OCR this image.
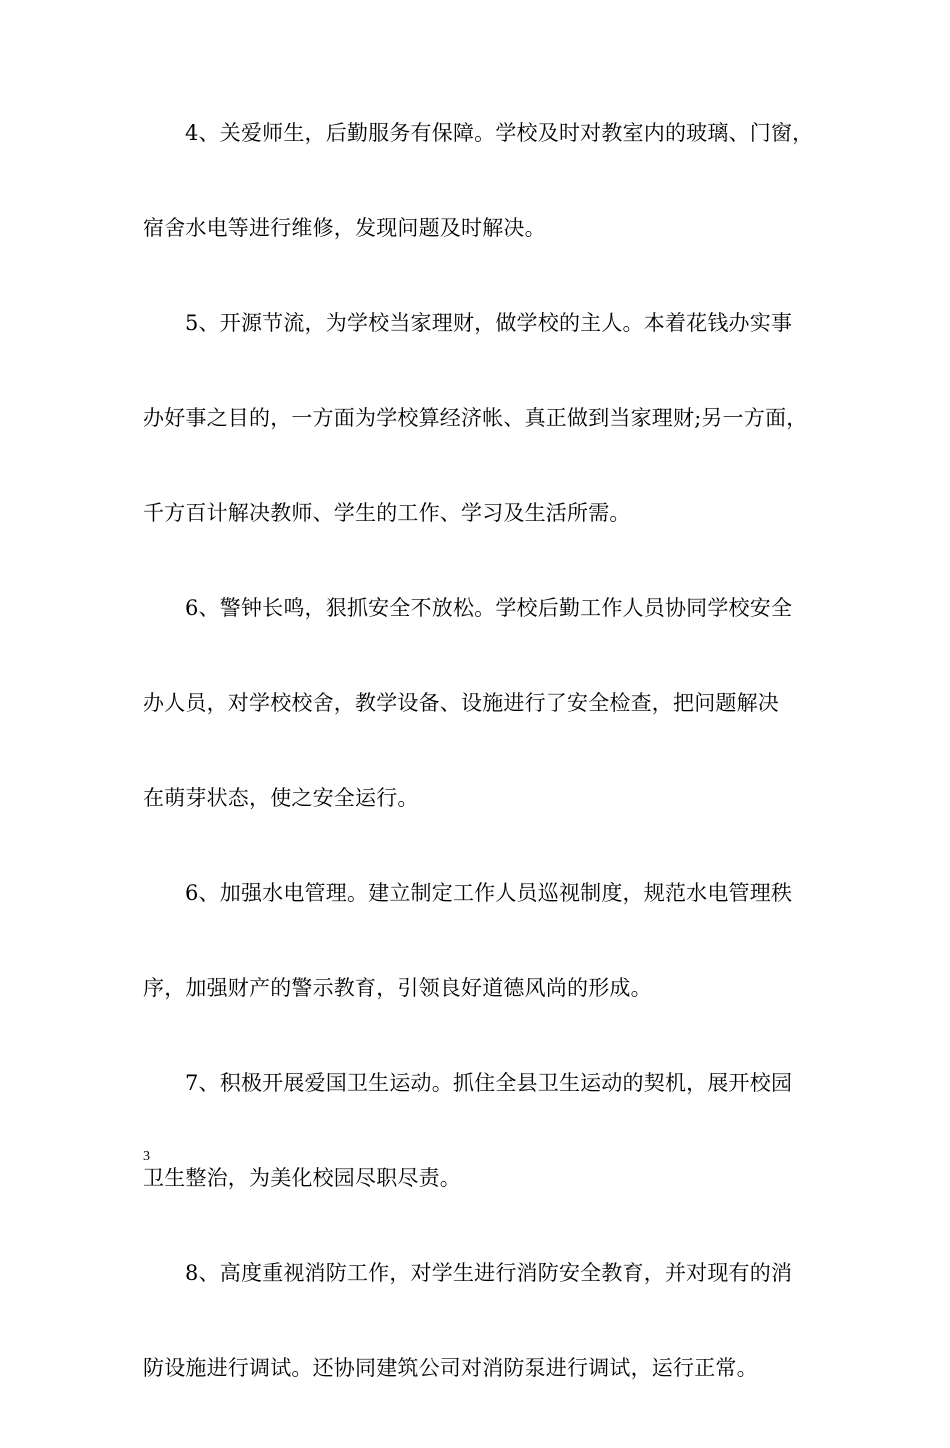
4、关爱师生，后勤服务有保障。学校及时对教室内的玻璃、门窗，
宿舍水电等进行维修，发现问题及时解决。
5、开源节流，为学校当家理财，做学校的主人。本着花钱办实事
办好事之目的，一方面为学校算经济帐、真正做到当家理财;另一方面，
千方百计解决教师、学生的工作、学习及生活所需。
6、警钟长鸣，狠抓安全不放松。学校后勤工作人员协同学校安全
办人员，对学校校舍，教学设备、设施进行了安全检查，把问题解决
在萌芽状态，使之安全运行。
6、加强水电管理。建立制定工作人员巡视制度，规范水电管理秩
序，加强财产的警示教育，引领良好道德风尚的形成。
7、积极开展爱国卫生运动。抓住全县卫生运动的契机，展开校园
卫生整治，为美化校园尽职尽责。
8、高度重视消防工作，对学生进行消防安全教育，并对现有的消
防设施进行调试。还协同建筑公司对消防泵进行调试，运行正常。
3
